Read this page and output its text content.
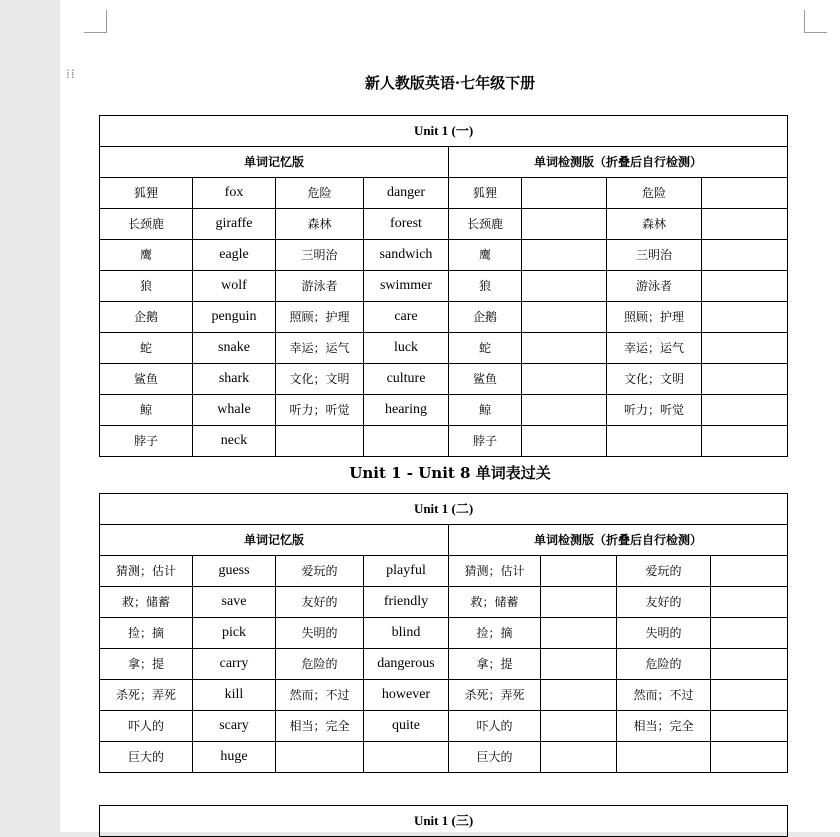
⁞⁞	新人教版英语·七年级下册
Unit 1 (一)							
单词记忆版				单词检测版（折叠后自行检测）			
狐狸	fox	危险	danger	狐狸		危险	
长颈鹿	giraffe	森林	forest	长颈鹿		森林	
鹰	eagle	三明治	sandwich	鹰		三明治	
狼	wolf	游泳者	swimmer	狼		游泳者	
企鹅	penguin	照顾；护理	care	企鹅		照顾；护理	
蛇	snake	幸运；运气	luck	蛇		幸运；运气	
鲨鱼	shark	文化；文明	culture	鲨鱼		文化；文明	
鲸	whale	听力；听觉	hearing	鲸		听力；听觉	
脖子	neck			脖子			
Unit 1 - Unit 8 单词表过关
Unit 1 (二)							
单词记忆版				单词检测版（折叠后自行检测）			
猜测；估计	guess	爱玩的	playful	猜测；估计		爱玩的	
救；储蓄	save	友好的	friendly	救；储蓄		友好的	
捡；摘	pick	失明的	blind	捡；摘		失明的	
拿；提	carry	危险的	dangerous	拿；提		危险的	
杀死；弄死	kill	然而；不过	however	杀死；弄死		然而；不过	
吓人的	scary	相当；完全	quite	吓人的		相当；完全	
巨大的	huge			巨大的			
Unit 1 (三)
